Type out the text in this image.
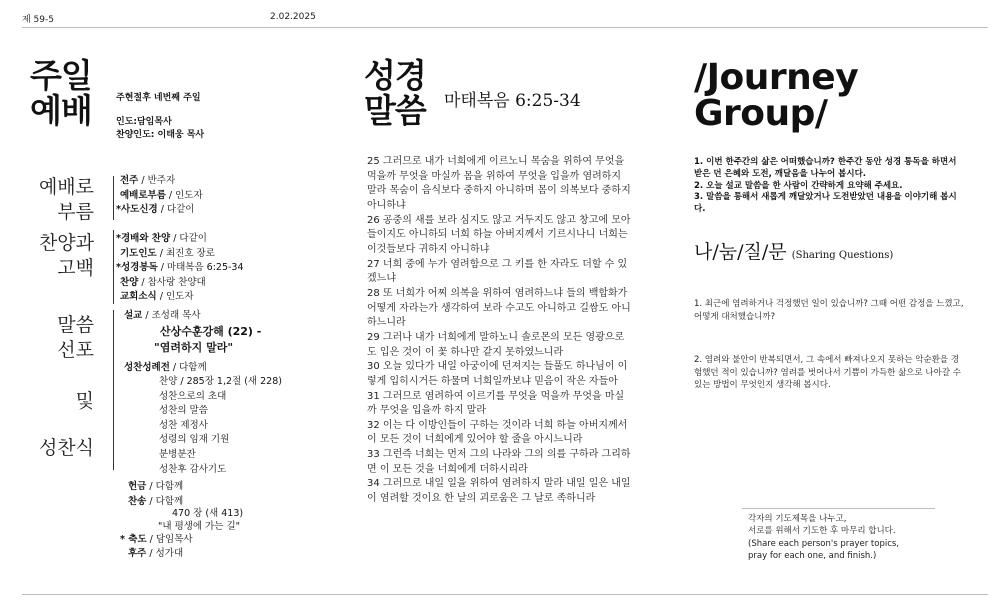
제 59-5	2.02.2025
주일
예배	주현절후 네번째 주일
인도:담임목사
찬양인도: 이태웅 목사
예배로
부름
찬양과
고백
말씀
선포
및
성찬식
전주 / 반주자
예배로부름 / 인도자
*사도신경 / 다같이
*경배와 찬양 / 다같이
기도인도 / 최진호 장로
*성경봉독 / 마태복음 6:25-34
찬양 / 참사랑 찬양대
교회소식 / 인도자
설교 / 조성래 목사
산상수훈강해 (22) -
"염려하지 말라"
성찬성례전 / 다함께
찬양 / 285장 1,2절 (새 228)
성찬으로의 초대
성찬의 말씀
성찬 제정사
성령의 임재 기원
분병분잔
성찬후 감사기도
헌금 / 다함께
찬송 / 다함께
470 장 (새 413)
"내 평생에 가는 길"
* 축도 / 담임목사
후주 / 성가대
성경
말씀 마태복음 6:25-34

25 그러므로 내가 너희에게 이르노니 목숨을 위하여 무엇을 먹을까 무엇을 마실까 몸을 위하여 무엇을 입을까 염려하지 말라 목숨이 음식보다 중하지 아니하며 몸이 의복보다 중하지 아니하냐

26 공중의 새를 보라 심지도 않고 거두지도 않고 창고에 모아들이지도 아니하되 너희 하늘 아버지께서 기르시나니 너희는 이것들보다 귀하지 아니하냐

27 너희 중에 누가 염려함으로 그 키를 한 자라도 더할 수 있겠느냐

28 또 너희가 어찌 의복을 위하여 염려하느냐 들의 백합화가 어떻게 자라는가 생각하여 보라 수고도 아니하고 길쌈도 아니하느니라

29 그러나 내가 너희에게 말하노니 솔로몬의 모든 영광으로도 입은 것이 이 꽃 하나만 같지 못하였느니라

30 오늘 있다가 내일 아궁이에 던져지는 들풀도 하나님이 이렇게 입히시거든 하물며 너희일까보냐 믿음이 작은 자들아

31 그러므로 염려하여 이르기를 무엇을 먹을까 무엇을 마실까 무엇을 입을까 하지 말라

32 이는 다 이방인들이 구하는 것이라 너희 하늘 아버지께서 이 모든 것이 너희에게 있어야 할 줄을 아시느니라

33 그런즉 너희는 먼저 그의 나라와 그의 의를 구하라 그리하면 이 모든 것을 너희에게 더하시리라

34 그러므로 내일 일을 위하여 염려하지 말라 내일 일은 내일이 염려할 것이요 한 날의 괴로움은 그 날로 족하니라

/Journey
Group/
1. 이번 한주간의 삶은 어떠했습니까? 한주간 동안 성경 통독을 하면서 받은 던 은혜와 도전, 깨달음을 나누어 봅시다.
2. 오늘 설교 말씀을 한 사람이 간략하게 요약해 주세요.
3. 말씀을 통해서 새롭게 깨달았거나 도전받았던 내용을 이야기해 봅시다.
나/눔/질/문 (Sharing Questions)
1. 최근에 염려하거나 걱정했던 일이 있습니까? 그때 어떤 감정을 느꼈고, 어떻게 대처했습니까?
2. 염려와 불안이 반복되면서, 그 속에서 빠져나오지 못하는 악순환을 경험했던 적이 있습니까? 염려를 벗어나서 기쁨이 가득한 삶으로 나아갈 수 있는 방법이 무엇인지 생각해 봅시다.
각자의 기도제목을 나누고,
서로를 위해서 기도한 후 마무리 합니다.
(Share each person's prayer topics,
pray for each one, and finish.)
